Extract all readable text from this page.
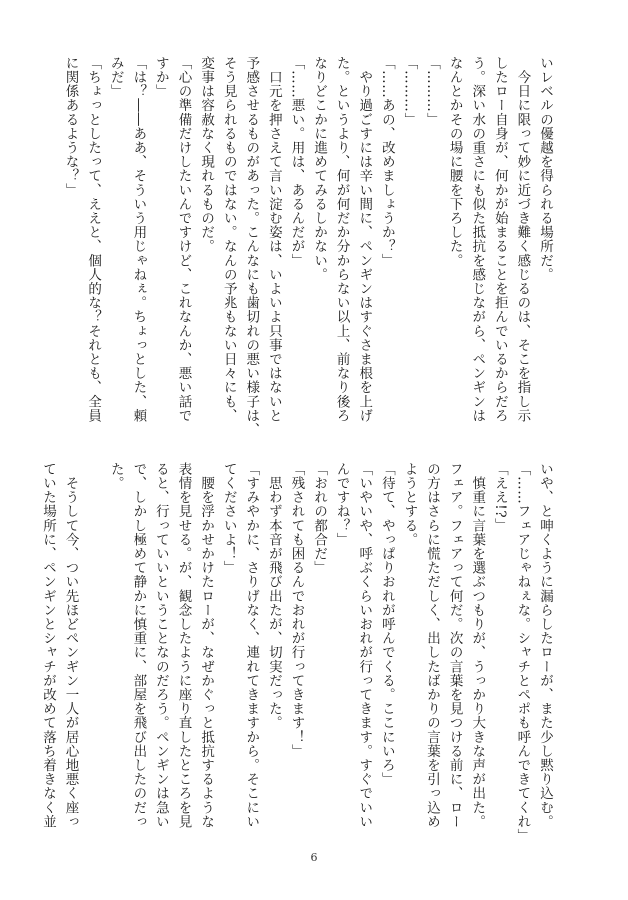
いレベルの優越を得られる場所だ。
　今日に限って妙に近づき難く感じるのは、そこを指し示
したロー自身が、何かが始まることを拒んでいるからだろ
う。深い水の重さにも似た抵抗を感じながら、ペンギンは
なんとかその場に腰を下ろした。
「………」
「………」
「……あの、改めましょうか？」
　やり過ごすには辛い間に、ペンギンはすぐさま根を上げ
た。というより、何が何だか分からない以上、前なり後ろ
なりどこかに進めてみるしかない。
「……悪い。用は、あるんだが」
　口元を押さえて言い淀む姿は、いよいよ只事ではないと
予感させるものがあった。こんなにも歯切れの悪い様子は、
そう見られるものではない。なんの予兆もない日々にも、
変事は容赦なく現れるものだ。
「心の準備だけしたいんですけど、これなんか、悪い話で
すか」
「は？――ああ、そういう用じゃねぇ。ちょっとした、頼
みだ」
「ちょっとしたって、ええと、個人的な？それとも、全員
に関係あるような？」
いや、と呻くように漏らしたローが、また少し黙り込む。
「……フェアじゃねぇな。シャチとペポも呼んできてくれ」
「ええ!?」
　慎重に言葉を選ぶつもりが、うっかり大きな声が出た。
フェア。フェアって何だ。次の言葉を見つける前に、ロー
の方はさらに慌ただしく、出したばかりの言葉を引っ込め
ようとする。
「待て、やっぱりおれが呼んでくる。ここにいろ」
「いやいや、呼ぶくらいおれが行ってきます。すぐでいい
んですね？」
「おれの都合だ」
「残されても困るんでおれが行ってきます！」
　思わず本音が飛び出たが、切実だった。
「すみやかに、さりげなく、連れてきますから。そこにい
てくださいよ！」
　腰を浮かせかけたローが、なぜかぐっと抵抗するような
表情を見せる。が、観念したように座り直したところを見
ると、行っていいということなのだろう。ペンギンは急い
で、しかし極めて静かに慎重に、部屋を飛び出したのだっ
た。

　そうして今、つい先ほどペンギン一人が居心地悪く座っ
ていた場所に、ペンギンとシャチが改めて落ち着きなく並
6
